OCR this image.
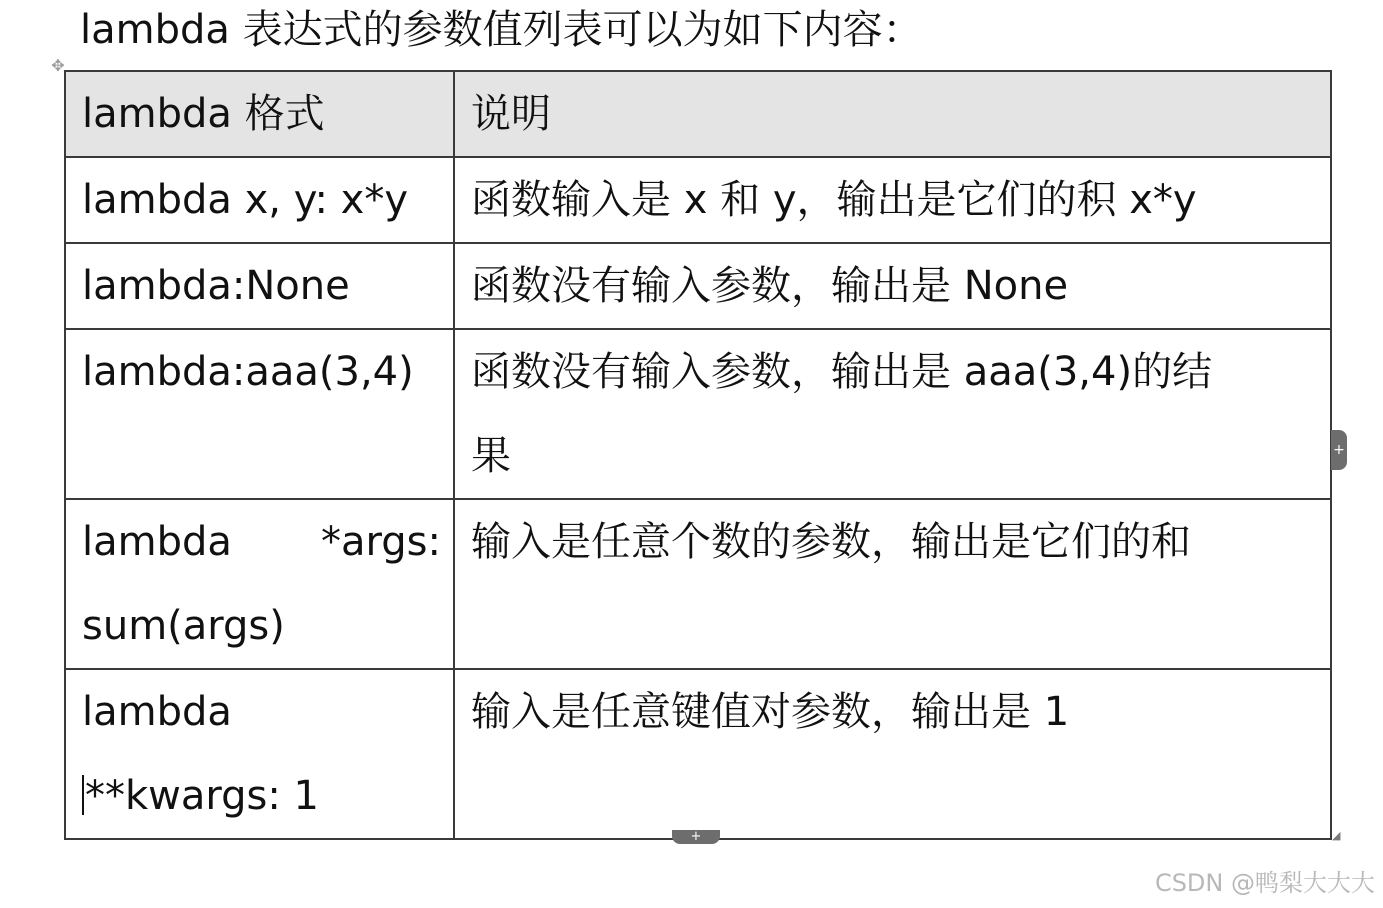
lambda 表达式的参数值列表可以为如下内容：
✥
lambda 格式	说明

lambda x, y: x*y	函数输入是 x 和 y，输出是它们的积 x*y

lambda:None	函数没有输入参数，输出是 None

lambda:aaa(3,4)	函数没有输入参数，输出是 aaa(3,4)的结
果

lambda *args:
sum(args)	输入是任意个数的参数，输出是它们的和

lambda
**kwargs: 1	输入是任意键值对参数，输出是 1
+
+	◢
CSDN @鸭梨大大大
